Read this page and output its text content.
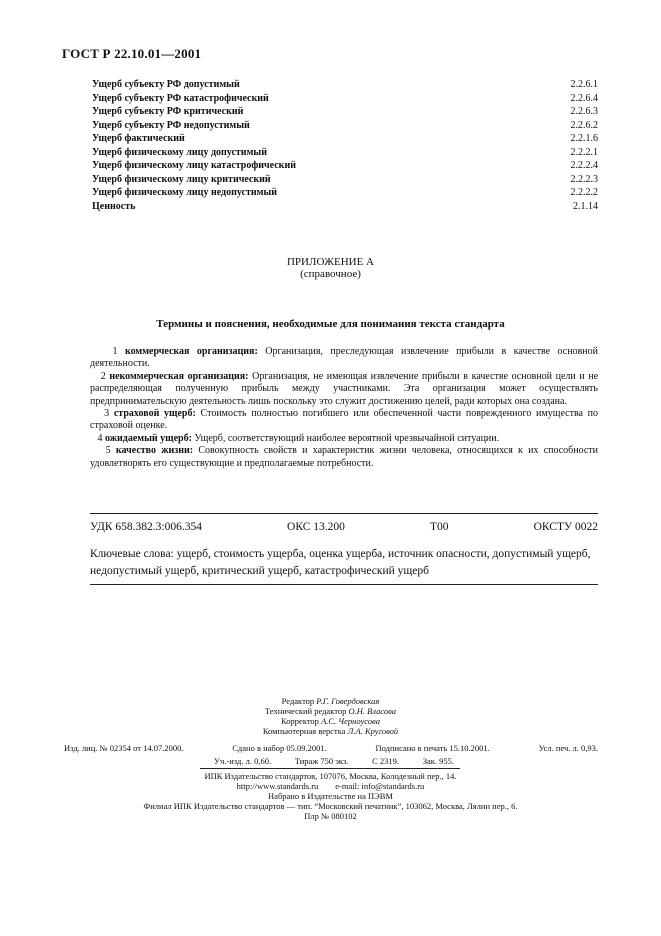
ГОСТ Р 22.10.01—2001
Ущерб субъекту РФ допустимый	2.2.6.1
Ущерб субъекту РФ катастрофический	2.2.6.4
Ущерб субъекту РФ критический	2.2.6.3
Ущерб субъекту РФ недопустимый	2.2.6.2
Ущерб фактический	2.2.1.6
Ущерб физическому лицу допустимый	2.2.2.1
Ущерб физическому лицу катастрофический	2.2.2.4
Ущерб физическому лицу критический	2.2.2.3
Ущерб физическому лицу недопустимый	2.2.2.2
Ценность	2.1.14
ПРИЛОЖЕНИЕ А
(справочное)
Термины и пояснения, необходимые для понимания текста стандарта

1 коммерческая организация: Организация, преследующая извлечение прибыли в качестве основной деятельности.

2 некоммерческая организация: Организация, не имеющая извлечение прибыли в качестве основной цели и не распределяющая полученную прибыль между участниками. Эта организация может осуществлять предпринимательскую деятельность лишь поскольку это служит достижению целей, ради которых она создана.

3 страховой ущерб: Стоимость полностью погибшего или обеспеченной части поврежденного имущества по страховой оценке.

4 ожидаемый ущерб: Ущерб, соответствующий наиболее вероятной чрезвычайной ситуации.

5 качество жизни: Совокупность свойств и характеристик жизни человека, относящихся к их способности удовлетворять его существующие и предполагаемые потребности.

УДК 658.382.3:006.354	ОКС 13.200	Т00	ОКСТУ 0022
Ключевые слова: ущерб, стоимость ущерба, оценка ущерба, источник опасности, допустимый ущерб, недопустимый ущерб, критический ущерб, катастрофический ущерб
Редактор Р.Г. Говердовская
Технический редактор О.Н. Власова
Корректор А.С. Черноусова
Компьютерная верстка Л.А. Круговой
Изд. лиц. № 02354 от 14.07.2000.	Сдано в набор 05.09.2001.	Подписано в печать 15.10.2001.	Усл. печ. л. 0,93.
Уч.-изд. л. 0,60.	Тираж 750 экз.	С 2319.	Зак. 955.
ИПК Издательство стандартов, 107076, Москва, Колодезный пер., 14.
http://www.standards.ru e-mail: info@standards.ru
Набрано в Издательстве на ПЭВМ
Филиал ИПК Издательство стандартов — тип. “Московский печатник”, 103062, Москва, Лялин пер., 6.
Плр № 080102
